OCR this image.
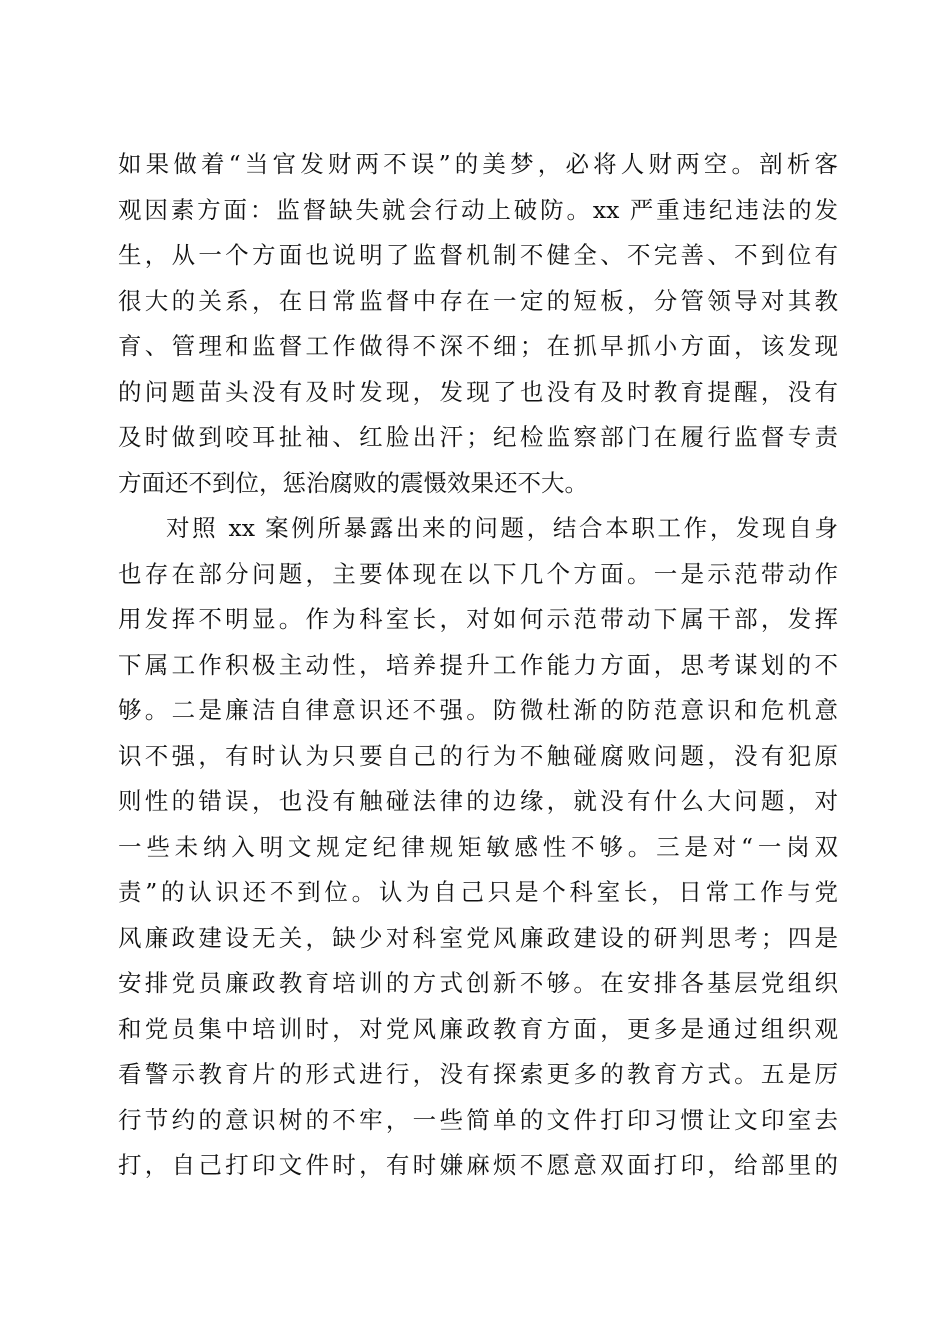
如果做着“当官发财两不误”的美梦，必将人财两空。剖析客
观因素方面：监督缺失就会行动上破防。xx 严重违纪违法的发
生，从一个方面也说明了监督机制不健全、不完善、不到位有
很大的关系，在日常监督中存在一定的短板，分管领导对其教
育、管理和监督工作做得不深不细；在抓早抓小方面，该发现
的问题苗头没有及时发现，发现了也没有及时教育提醒，没有
及时做到咬耳扯袖、红脸出汗；纪检监察部门在履行监督专责
方面还不到位，惩治腐败的震慑效果还不大。
对照 xx 案例所暴露出来的问题，结合本职工作，发现自身
也存在部分问题，主要体现在以下几个方面。一是示范带动作
用发挥不明显。作为科室长，对如何示范带动下属干部，发挥
下属工作积极主动性，培养提升工作能力方面，思考谋划的不
够。二是廉洁自律意识还不强。防微杜渐的防范意识和危机意
识不强，有时认为只要自己的行为不触碰腐败问题，没有犯原
则性的错误，也没有触碰法律的边缘，就没有什么大问题，对
一些未纳入明文规定纪律规矩敏感性不够。三是对“一岗双
责”的认识还不到位。认为自己只是个科室长，日常工作与党
风廉政建设无关，缺少对科室党风廉政建设的研判思考；四是
安排党员廉政教育培训的方式创新不够。在安排各基层党组织
和党员集中培训时，对党风廉政教育方面，更多是通过组织观
看警示教育片的形式进行，没有探索更多的教育方式。五是厉
行节约的意识树的不牢，一些简单的文件打印习惯让文印室去
打，自己打印文件时，有时嫌麻烦不愿意双面打印，给部里的
